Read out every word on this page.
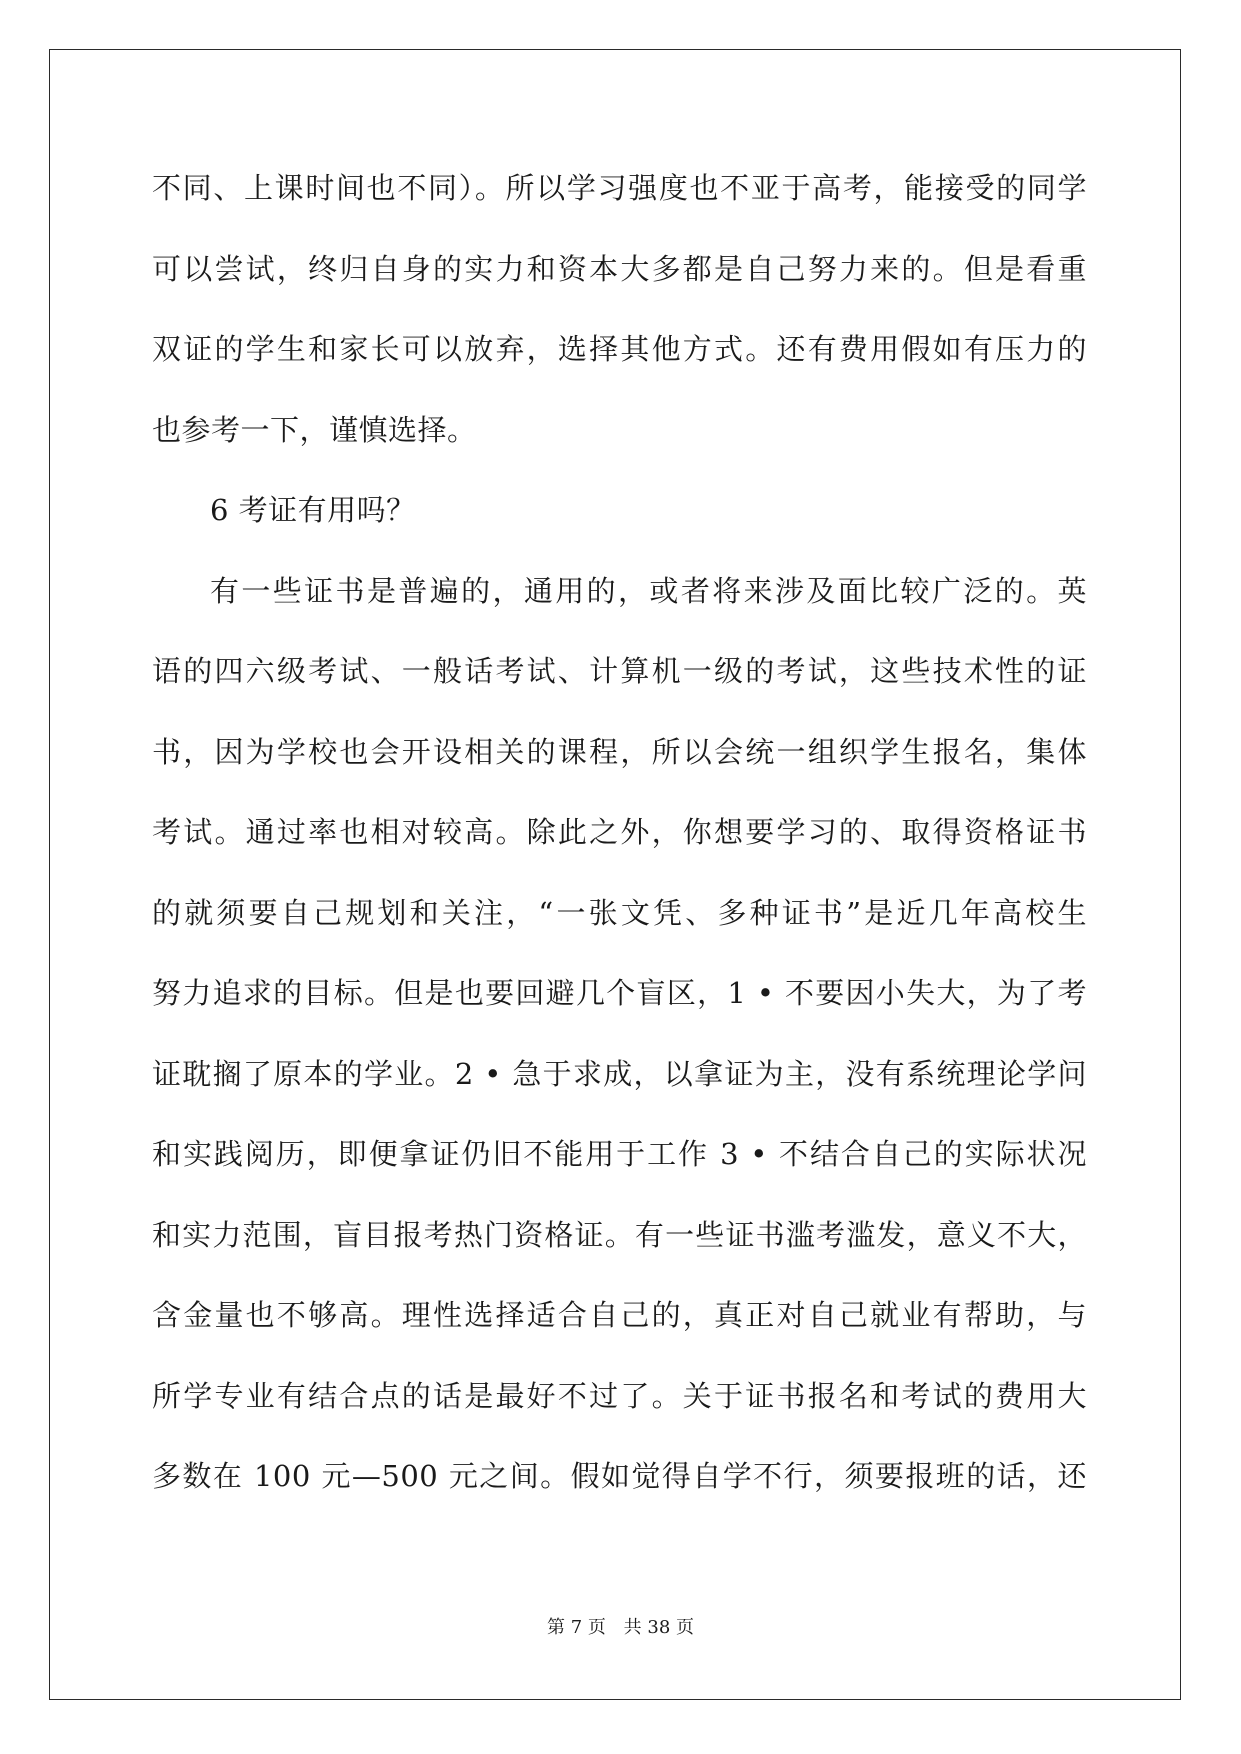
不同、上课时间也不同）。所以学习强度也不亚于高考，能接受的同学
可以尝试，终归自身的实力和资本大多都是自己努力来的。但是看重
双证的学生和家长可以放弃，选择其他方式。还有费用假如有压力的
也参考一下，谨慎选择。
6 考证有用吗？
有一些证书是普遍的，通用的，或者将来涉及面比较广泛的。英
语的四六级考试、一般话考试、计算机一级的考试，这些技术性的证
书，因为学校也会开设相关的课程，所以会统一组织学生报名，集体
考试。通过率也相对较高。除此之外，你想要学习的、取得资格证书
的就须要自己规划和关注，“一张文凭、多种证书”是近几年高校生
努力追求的目标。但是也要回避几个盲区，1 • 不要因小失大，为了考
证耽搁了原本的学业。2 • 急于求成，以拿证为主，没有系统理论学问
和实践阅历，即便拿证仍旧不能用于工作 3 • 不结合自己的实际状况
和实力范围，盲目报考热门资格证。有一些证书滥考滥发，意义不大，
含金量也不够高。理性选择适合自己的，真正对自己就业有帮助，与
所学专业有结合点的话是最好不过了。关于证书报名和考试的费用大
多数在 100 元—500 元之间。假如觉得自学不行，须要报班的话，还
第 7 页 共 38 页
